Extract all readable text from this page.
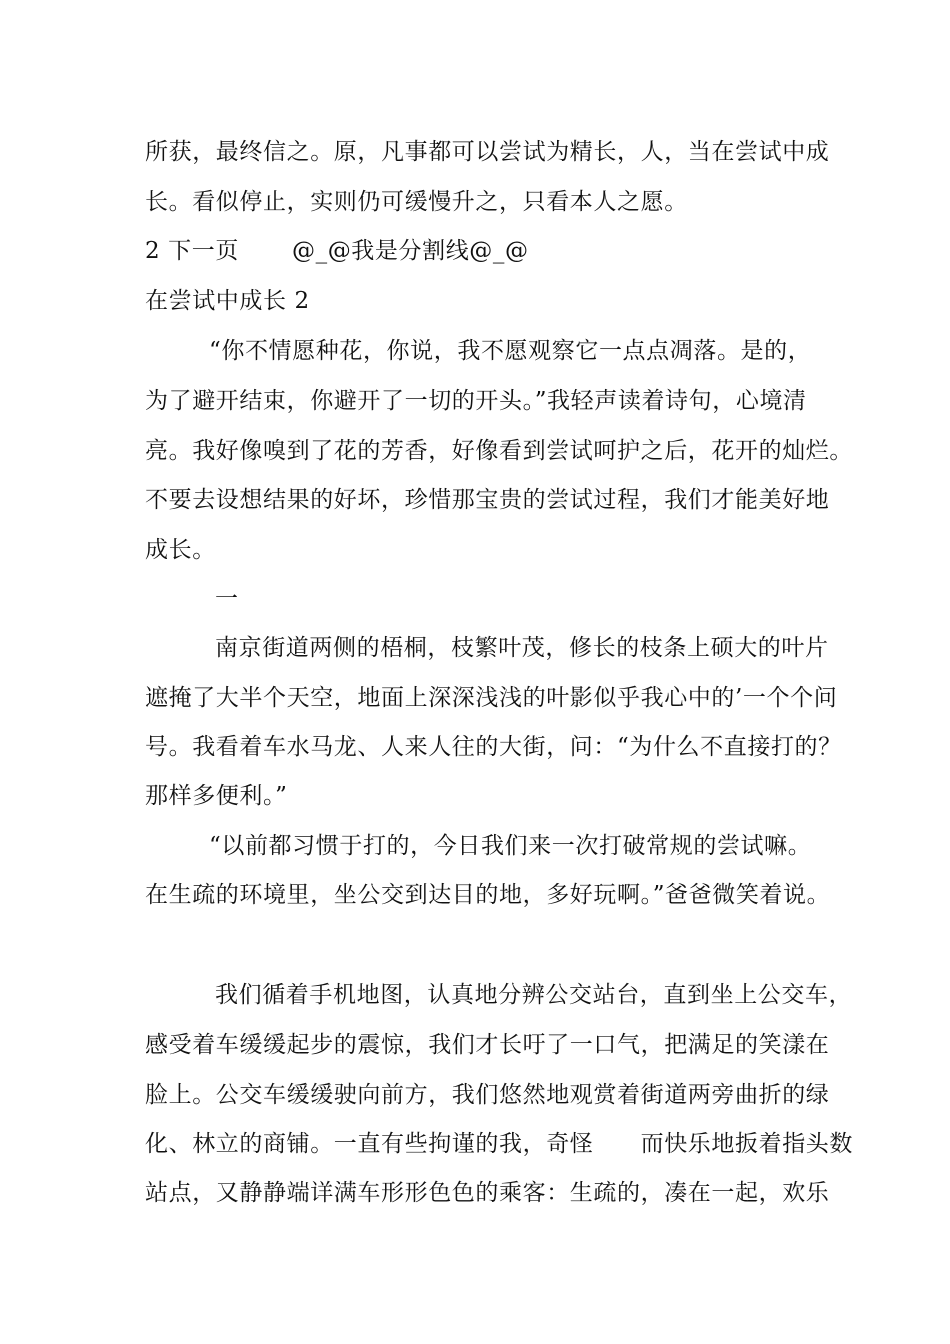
所获，最终信之。原，凡事都可以尝试为精长，人，当在尝试中成

长。看似停止，实则仍可缓慢升之，只看本人之愿。

2 下一页 @_@我是分割线@_@

在尝试中成长 2

“你不情愿种花，你说，我不愿观察它一点点凋落。是的，

为了避开结束，你避开了一切的开头。”我轻声读着诗句，心境清

亮。我好像嗅到了花的芳香，好像看到尝试呵护之后，花开的灿烂。

不要去设想结果的好坏，珍惜那宝贵的尝试过程，我们才能美好地

成长。

一

南京街道两侧的梧桐，枝繁叶茂，修长的枝条上硕大的叶片

遮掩了大半个天空，地面上深深浅浅的叶影似乎我心中的’一个个问

号。我看着车水马龙、人来人往的大街，问：“为什么不直接打的？

那样多便利。”

“以前都习惯于打的，今日我们来一次打破常规的尝试嘛。

在生疏的环境里，坐公交到达目的地，多好玩啊。”爸爸微笑着说。

我们循着手机地图，认真地分辨公交站台，直到坐上公交车，

感受着车缓缓起步的震惊，我们才长吁了一口气，把满足的笑漾在

脸上。公交车缓缓驶向前方，我们悠然地观赏着街道两旁曲折的绿

化、林立的商铺。一直有些拘谨的我，奇怪　　而快乐地扳着指头数

站点，又静静端详满车形形色色的乘客：生疏的，凑在一起，欢乐
